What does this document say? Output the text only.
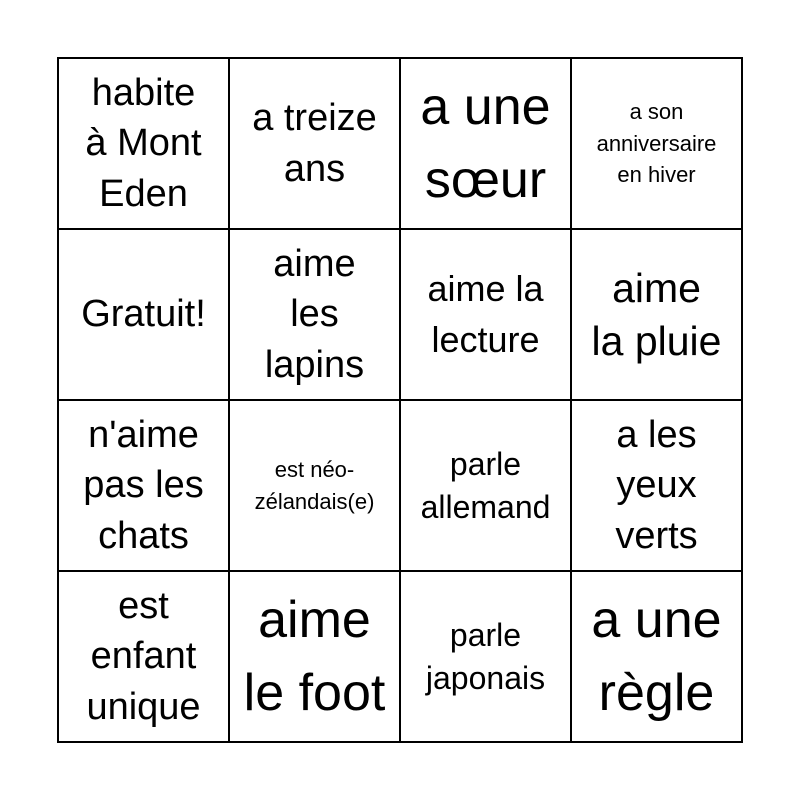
habite
à Mont
Eden
a treize
ans
a une
sœur
a son
anniversaire
en hiver
Gratuit!
aime
les
lapins
aime la
lecture
aime
la pluie
n'aime
pas les
chats
est néo-
zélandais(e)
parle
allemand
a les
yeux
verts
est
enfant
unique
aime
le foot
parle
japonais
a une
règle
